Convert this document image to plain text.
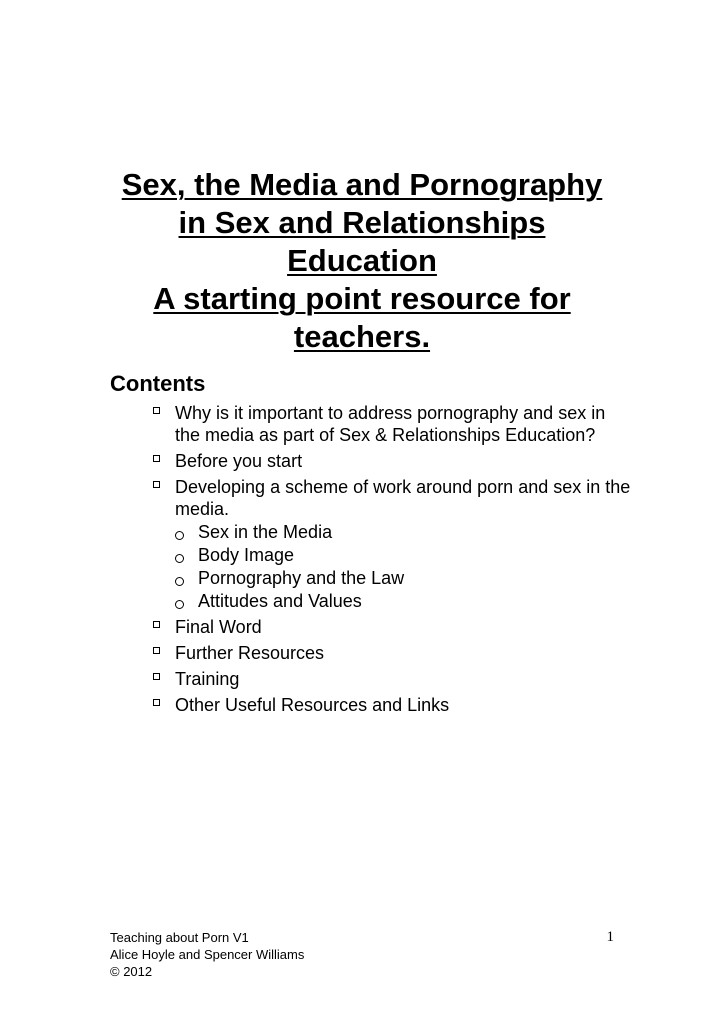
Sex, the Media and Pornography
in Sex and Relationships
Education
A starting point resource for
teachers.
Contents
Why is it important to address pornography and sex in the media as part of Sex & Relationships Education?
Before you start
Developing a scheme of work around porn and sex in the media.
Sex in the Media
Body Image
Pornography and the Law
Attitudes and Values
Final Word
Further Resources
Training
Other Useful Resources and Links
Teaching about Porn V1
Alice Hoyle and Spencer Williams
© 2012
1
